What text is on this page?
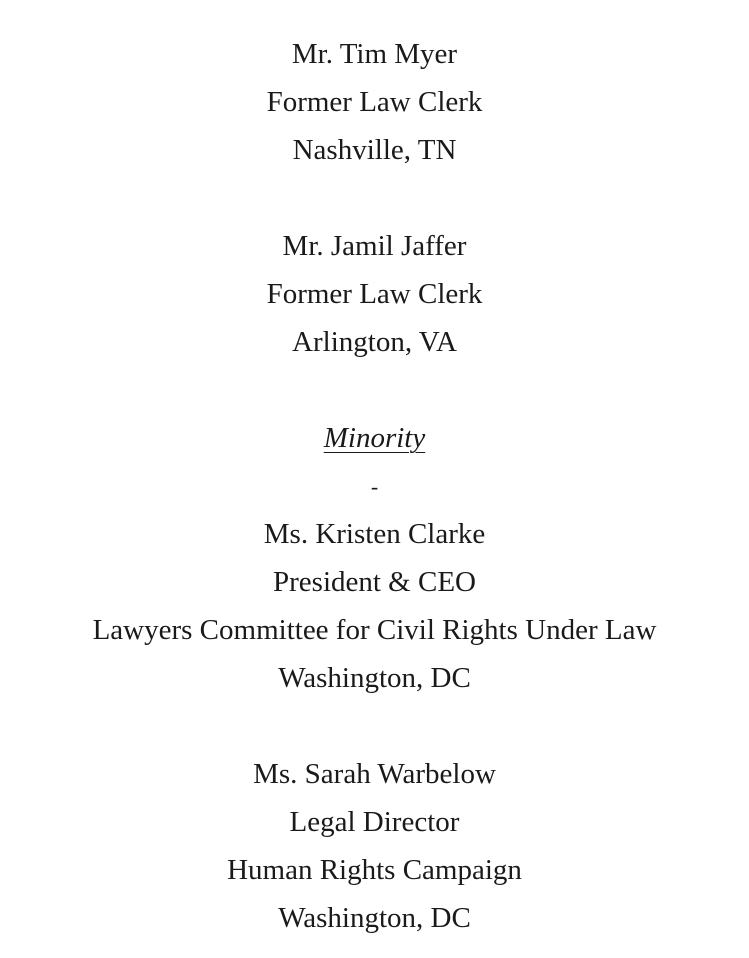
Mr. Tim Myer
Former Law Clerk
Nashville, TN
Mr. Jamil Jaffer
Former Law Clerk
Arlington, VA
Minority
-
Ms. Kristen Clarke
President & CEO
Lawyers Committee for Civil Rights Under Law
Washington, DC
Ms. Sarah Warbelow
Legal Director
Human Rights Campaign
Washington, DC
